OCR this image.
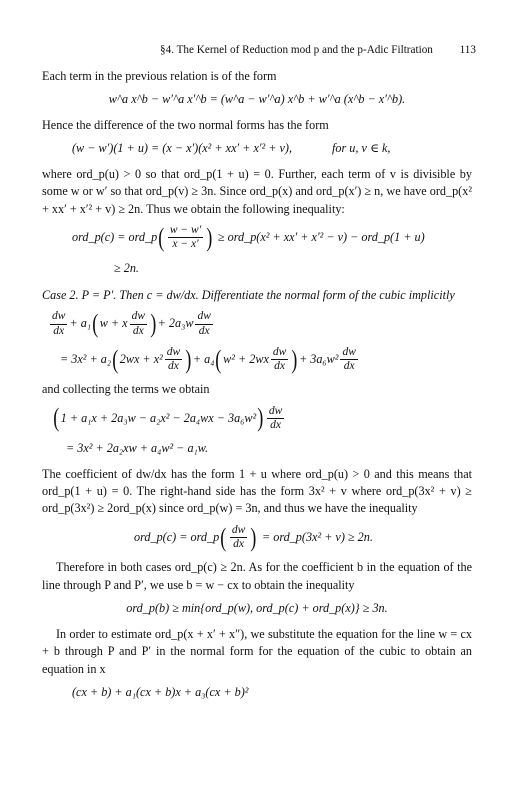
§4. The Kernel of Reduction mod p and the p-Adic Filtration 113

Each term in the previous relation is of the form

w^a x^b − w′^a x′^b = (w^a − w′^a) x^b + w′^a (x^b − x′^b).

Hence the difference of the two normal forms has the form

(w − w′)(1 + u) = (x − x′)(x² + xx′ + x′² + v),	for u, v ∈ k,

where ord_p(u) > 0 so that ord_p(1 + u) = 0. Further, each term of v is divisible by some w or w′ so that ord_p(v) ≥ 3n. Since ord_p(x) and ord_p(x′) ≥ n, we have ord_p(x² + xx′ + x′² + v) ≥ 2n. Thus we obtain the following inequality:

ord_p(c) = ord_p ( $\frac{w - w'}{x - x'}$ ) ≥ ord_p(x² + xx′ + x′² − v) − ord_p(1 + u)
≥ 2n.

Case 2. P = P′. Then c = dw/dx. Differentiate the normal form of the cubic implicitly

$\frac{dw}{dx} + a_1$ ( w + x $\frac{dw}{dx}$ ) + $2a_3w \frac{dw}{dx}$
= 3x² + a₂ ( $2wx + x^2 \frac{dw}{dx}$ ) + a₄ ( $w^2 + 2wx \frac{dw}{dx}$ ) + $3a_6w^2 \frac{dw}{dx}$

and collecting the terms we obtain

( 1 + a₁x + 2a₃w − a₂x² − 2a₄wx − 3a₆w² ) $\frac{dw}{dx}$
= 3x² + 2a₂xw + a₄w² − a₁w.

The coefficient of dw/dx has the form 1 + u where ord_p(u) > 0 and this means that ord_p(1 + u) = 0. The right-hand side has the form 3x² + v where ord_p(3x² + v) ≥ ord_p(3x²) ≥ 2ord_p(x) since ord_p(w) = 3n, and thus we have the inequality

ord_p(c) = ord_p ( $\frac{dw}{dx}$ ) = ord_p(3x² + v) ≥ 2n.

Therefore in both cases ord_p(c) ≥ 2n. As for the coefficient b in the equation of the line through P and P′, we use b = w − cx to obtain the inequality

ord_p(b) ≥ min{ord_p(w), ord_p(c) + ord_p(x)} ≥ 3n.

In order to estimate ord_p(x + x′ + x″), we substitute the equation for the line w = cx + b through P and P′ in the normal form for the equation of the cubic to obtain an equation in x

(cx + b) + a₁(cx + b)x + a₃(cx + b)²
